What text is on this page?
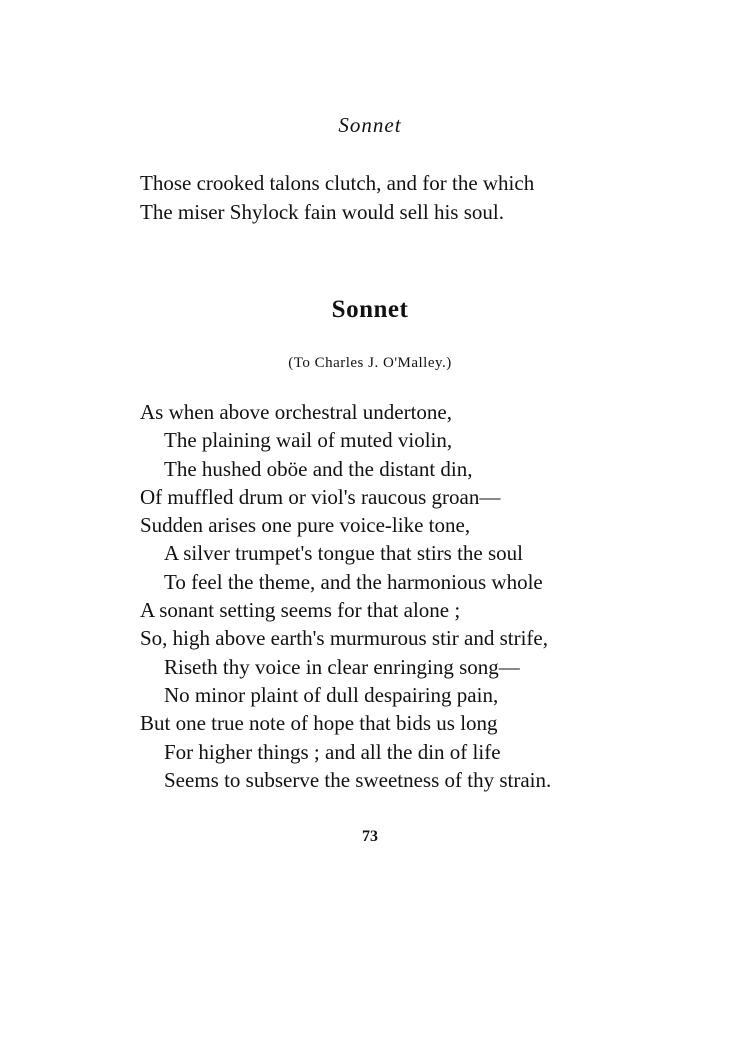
Sonnet
Those crooked talons clutch, and for the which
The miser Shylock fain would sell his soul.
Sonnet
(To Charles J. O'Malley.)
As when above orchestral undertone,
The plaining wail of muted violin,
The hushed oböe and the distant din,
Of muffled drum or viol's raucous groan—
Sudden arises one pure voice-like tone,
A silver trumpet's tongue that stirs the soul
To feel the theme, and the harmonious whole
A sonant setting seems for that alone ;
So, high above earth's murmurous stir and strife,
Riseth thy voice in clear enringing song—
No minor plaint of dull despairing pain,
But one true note of hope that bids us long
For higher things ; and all the din of life
Seems to subserve the sweetness of thy strain.
73
